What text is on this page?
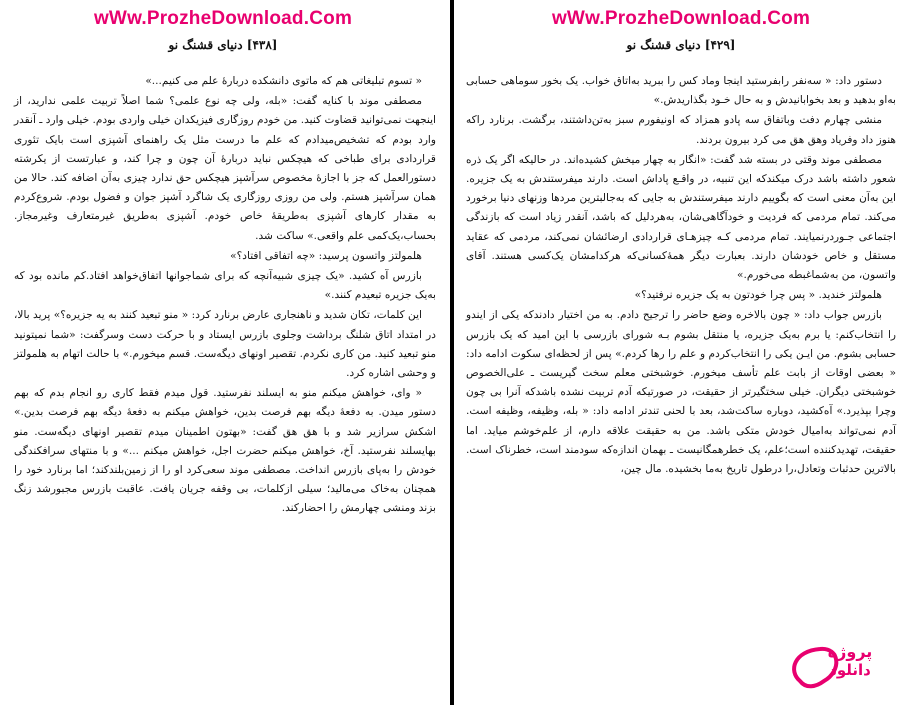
wWw.ProzheDownload.Com
[۴۳۸] دنیای قشنگ نو

« تسوم تبلیغاتی هم که ماتوی دانشکده دربارۀ علم می کنیم...»

مصطفی موند با کنایه گفت: «بله، ولی چه نوع علمی؟ شما اصلاً تربیت علمی ندارید، از اینجهت نمی‌توانید قضاوت کنید. من خودم روزگاری فیزیکدان خیلی واردی بودم. خیلی وارد ـ آنقدر وارد بودم که تشخیص‌میدادم که علم ما درست مثل یک راهنمای آشپزی است بایک تئوری قراردادی برای طباخی که هیچکس نباید دربارۀ آن چون و چرا کند، و عبارتست از یکرشته دستورالعمل که جز با اجازۀ مخصوص سرآشپز هیچکس حق ندارد چیزی به‌آن اضافه کند. حالا من همان سرآشپز هستم. ولی من روزی روزگاری یک شاگرد آشپز جوان و فضول بودم. شروع‌کردم به مقدار کارهای آشپزی به‌طریقۀ خاص خودم. آشپزی به‌طریق غیرمتعارف وغیرمجاز. بحساب،یک‌کمی علم واقعی.» ساکت شد.

هلمولتز واتسون پرسید: «چه اتفاقی افتاد؟»

بازرس آه کشید. «یک چیزی شبیه‌آنچه که برای شماجوانها اتفاق‌خواهد افتاد.کم مانده بود که به‌یک جزیره تبعیدم کنند.»

این کلمات، تکان شدید و ناهنجاری عارض برنارد کرد: « منو تبعید کنند به یه جزیره؟» پرید بالا، در امتداد اتاق شلنگ برداشت وجلوی بازرس ایستاد و با حرکت دست وسرگفت: «شما نمیتونید منو تبعید کنید. من کاری نکردم. تقصیر اونهای دیگه‌ست. قسم میخورم.» با حالت اتهام به هلمولتز و وحشی اشاره کرد.

« وای، خواهش میکنم منو به ایسلند نفرستید. قول میدم فقط کاری رو انجام بدم که بهم دستور میدن. به دفعۀ دیگه بهم فرصت بدین، خواهش میکنم به دفعۀ دیگه بهم فرصت بدین.» اشکش سرازیر شد و با هق هق گفت: «بهتون اطمینان میدم تقصیر اونهای دیگه‌ست. منو بهایسلند نفرستید. آخ، خواهش میکنم حضرت اجل، خواهش میکنم ...» و با منتهای سرافکندگی خودش را به‌پای بازرس انداخت. مصطفی موند سعی‌کرد او را از زمین‌بلندکند؛ اما برنارد خود را همچنان به‌خاک می‌مالید؛ سیلی ازکلمات، بی وقفه جریان یافت. عاقبت بازرس مجبورشد زنگ بزند ومنشی چهارمش را احضارکند.

wWw.ProzheDownload.Com
[۴۲۹] دنیای قشنگ نو

دستور داد: « سه‌نفر رابفرستید اینجا وماد کس را ببرید به‌اتاق خواب. یک بخور سوماهی حسابی به‌او بدهید و بعد بخوابانیدش و به حال خـود بگذاریدش.»

منشی چهارم دفت وباتفاق سه پادو همزاد که اونیفورم سبز به‌تن‌داشتند، برگشت. برنارد راکه هنوز داد وفریاد وهق هق می کرد بیرون بردند.

مصطفی موند وقتی در بسته شد گفت: «انگار به چهار میخش کشیده‌اند. در حالیکه اگر یک ذره شعور داشته باشد درک میکندکه این تنبیه، در واقـع پاداش است. دارند میفرستندش به یک جزیره. این به‌آن معنی است که بگوییم دارند میفرستندش به جایی که به‌جالبترین مردها وزنهای دنیا برخورد می‌کند. تمام مردمی که فردیت و خودآگاهی‌شان، به‌هردلیل که باشد، آنقدر زیاد است که بازندگی اجتماعی جـوردرنمیایند. تمام مردمی کـه چیزهـای قراردادی ارضائشان نمی‌کند، مردمی که عقاید مستقل و خاص خودشان دارند. بعبارت دیگر همۀ‌کسانی‌که هرکدامشان یک‌کسی هستند. آقای واتسون، من به‌شماغبطه می‌خورم.»

هلمولتز خندید. « پس چرا خودتون به یک جزیره نرفتید؟»

بازرس جواب داد: « چون بالاخره وضع حاضر را ترجیح دادم. به من اختیار دادندکه یکی از ایندو را انتخاب‌کنم: یا برم به‌یک جزیره، یا منتقل بشوم بـه شورای بازرسی با این امید که یک بازرس حسابی بشوم. من ایـن یکی را انتخاب‌کردم و علم را رها کردم.» پس از لحظه‌ای سکوت ادامه داد: « بعضی اوقات از بابت علم تأسف میخورم. خوشبختی معلم سخت گیریست ـ علی‌الخصوص خوشبختی دیگران. خیلی سختگیرتر از حقیقت، در صورتیکه آدم تربیت نشده باشد‌که آنرا بی چون وچرا بپذیرد.» آه‌کشید، دوباره ساکت‌شد، بعد با لحنی تندتر ادامه داد: « بله، وظیفه، وظیفه است. آدم نمی‌تواند به‌امیال خودش متکی باشد. من به حقیقت علاقه دارم، از علم‌خوشم میاید. اما حقیقت، تهدیدکننده است؛علم، یک خطرهمگانیست ـ بهمان اندازه‌که سودمند است، خطرناک است. بالاترین حدثبات وتعادل،را درطول تاریخ به‌ما بخشیده. مال چین،

پروژه
دانلود
